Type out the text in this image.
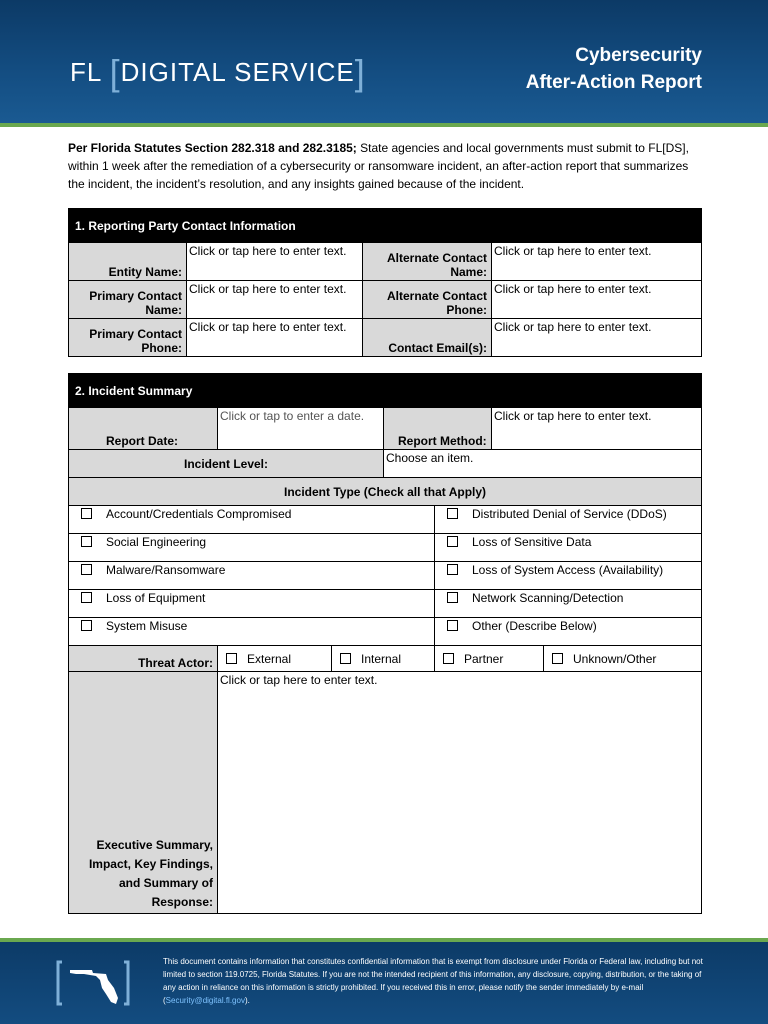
FL [DIGITAL SERVICE]	Cybersecurity
After-Action Report
Per Florida Statutes Section 282.318 and 282.3185; State agencies and local governments must submit to FL[DS], within 1 week after the remediation of a cybersecurity or ransomware incident, an after-action report that summarizes the incident, the incident’s resolution, and any insights gained because of the incident.
1. Reporting Party Contact Information			
Entity Name:	Click or tap here to enter text.	Alternate Contact Name:	Click or tap here to enter text.
Primary Contact Name:	Click or tap here to enter text.	Alternate Contact Phone:	Click or tap here to enter text.
Primary Contact Phone:	Click or tap here to enter text.	Contact Email(s):	Click or tap here to enter text.
2. Incident Summary						
Report Date:	Click or tap to enter a date.		Report Method:		Click or tap here to enter text.	
Incident Level:			Choose an item.			
Incident Type (Check all that Apply)						
Account/Credentials Compromised				Distributed Denial of Service (DDoS)		
Social Engineering				Loss of Sensitive Data		
Malware/Ransomware				Loss of System Access (Availability)		
Loss of Equipment				Network Scanning/Detection		
System Misuse				Other (Describe Below)		
Threat Actor:	External	Internal		Partner		Unknown/Other
Executive Summary, Impact, Key Findings, and Summary of Response:	Click or tap here to enter text.					
This document contains information that constitutes confidential information that is exempt from disclosure under Florida or Federal law, including but not limited to section 119.0725, Florida Statutes. If you are not the intended recipient of this information, any disclosure, copying, distribution, or the taking of any action in reliance on this information is strictly prohibited. If you received this in error, please notify the sender immediately by e-mail (Security@digital.fl.gov).
